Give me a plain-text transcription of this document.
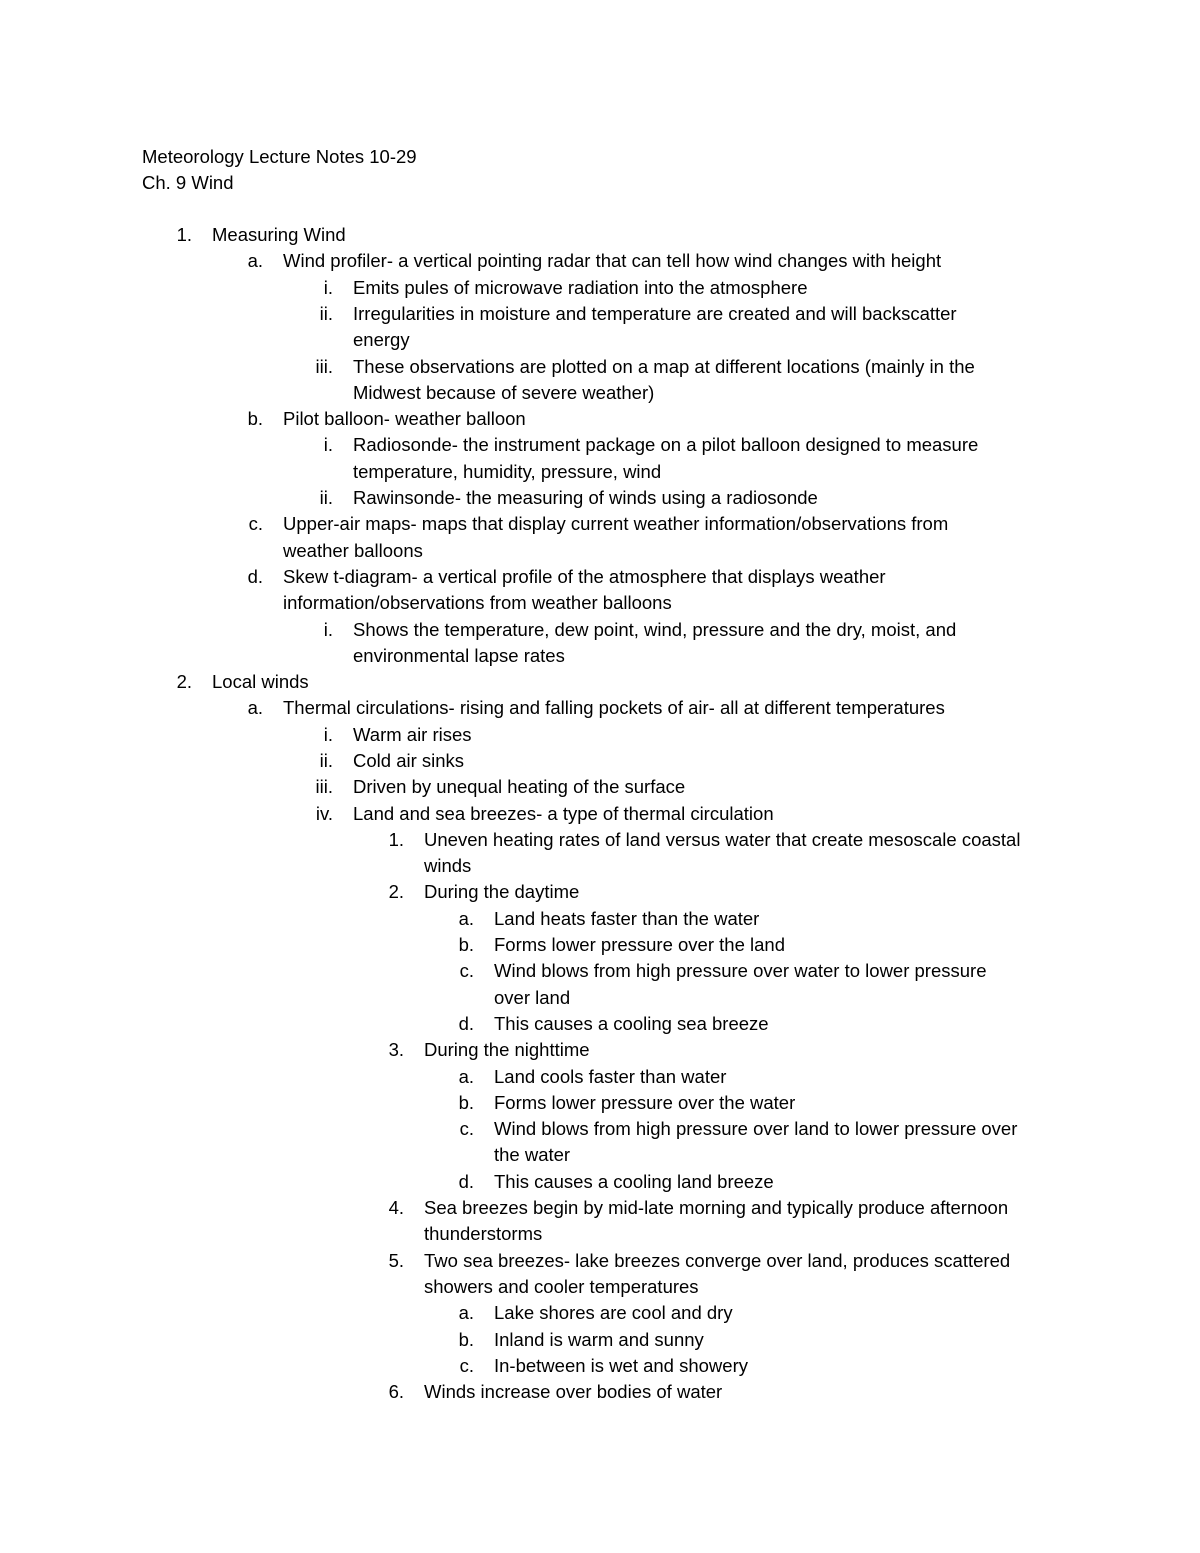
Meteorology Lecture Notes 10-29
Ch. 9 Wind
1. Measuring Wind
a. Wind profiler- a vertical pointing radar that can tell how wind changes with height
i. Emits pules of microwave radiation into the atmosphere
ii. Irregularities in moisture and temperature are created and will backscatter
energy
iii. These observations are plotted on a map at different locations (mainly in the
Midwest because of severe weather)
b. Pilot balloon- weather balloon
i. Radiosonde- the instrument package on a pilot balloon designed to measure
temperature, humidity, pressure, wind
ii. Rawinsonde- the measuring of winds using a radiosonde
c. Upper-air maps- maps that display current weather information/observations from
weather balloons
d. Skew t-diagram- a vertical profile of the atmosphere that displays weather
information/observations from weather balloons
i. Shows the temperature, dew point, wind, pressure and the dry, moist, and
environmental lapse rates
2. Local winds
a. Thermal circulations- rising and falling pockets of air- all at different temperatures
i. Warm air rises
ii. Cold air sinks
iii. Driven by unequal heating of the surface
iv. Land and sea breezes- a type of thermal circulation
1. Uneven heating rates of land versus water that create mesoscale coastal
winds
2. During the daytime
a. Land heats faster than the water
b. Forms lower pressure over the land
c. Wind blows from high pressure over water to lower pressure
over land
d. This causes a cooling sea breeze
3. During the nighttime
a. Land cools faster than water
b. Forms lower pressure over the water
c. Wind blows from high pressure over land to lower pressure over
the water
d. This causes a cooling land breeze
4. Sea breezes begin by mid-late morning and typically produce afternoon
thunderstorms
5. Two sea breezes- lake breezes converge over land, produces scattered
showers and cooler temperatures
a. Lake shores are cool and dry
b. Inland is warm and sunny
c. In-between is wet and showery
6. Winds increase over bodies of water
